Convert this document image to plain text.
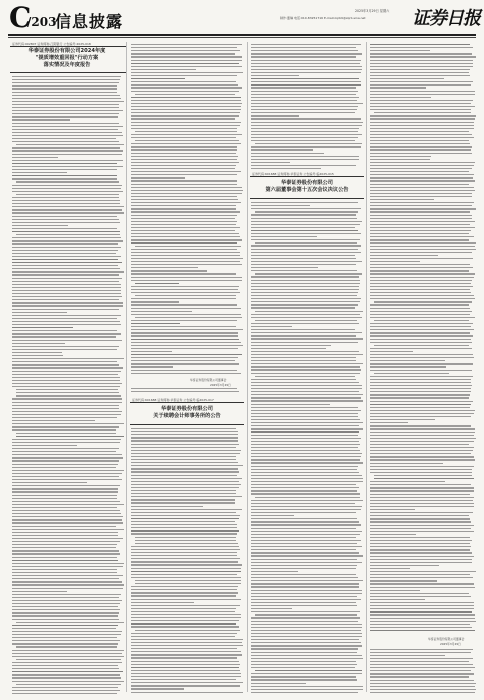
C
/203
信息披露
2025年3月29日 星期六
制作:董琳 电话:010-83251716 E-mail:zqrb9@zqrb.sina.net	证券日报
证券代码:002807 证券简称:江阴银行 公告编号:2025-018
华泰证券股份有限公司2024年度
"提质增效重回报"行动方案
落实情况及年度报告
证券代码:601688 证券简称:华泰证券 公告编号:临2025-017
华泰证券股份有限公司
关于续聘会计师事务所的公告
证券代码:601688 证券简称:华泰证券 公告编号:临2025-015
华泰证券股份有限公司
第六届董事会第十五次会议决议公告
华泰证券股份有限公司董事会
2025年3月29日
华泰证券股份有限公司董事会
2025年3月29日
